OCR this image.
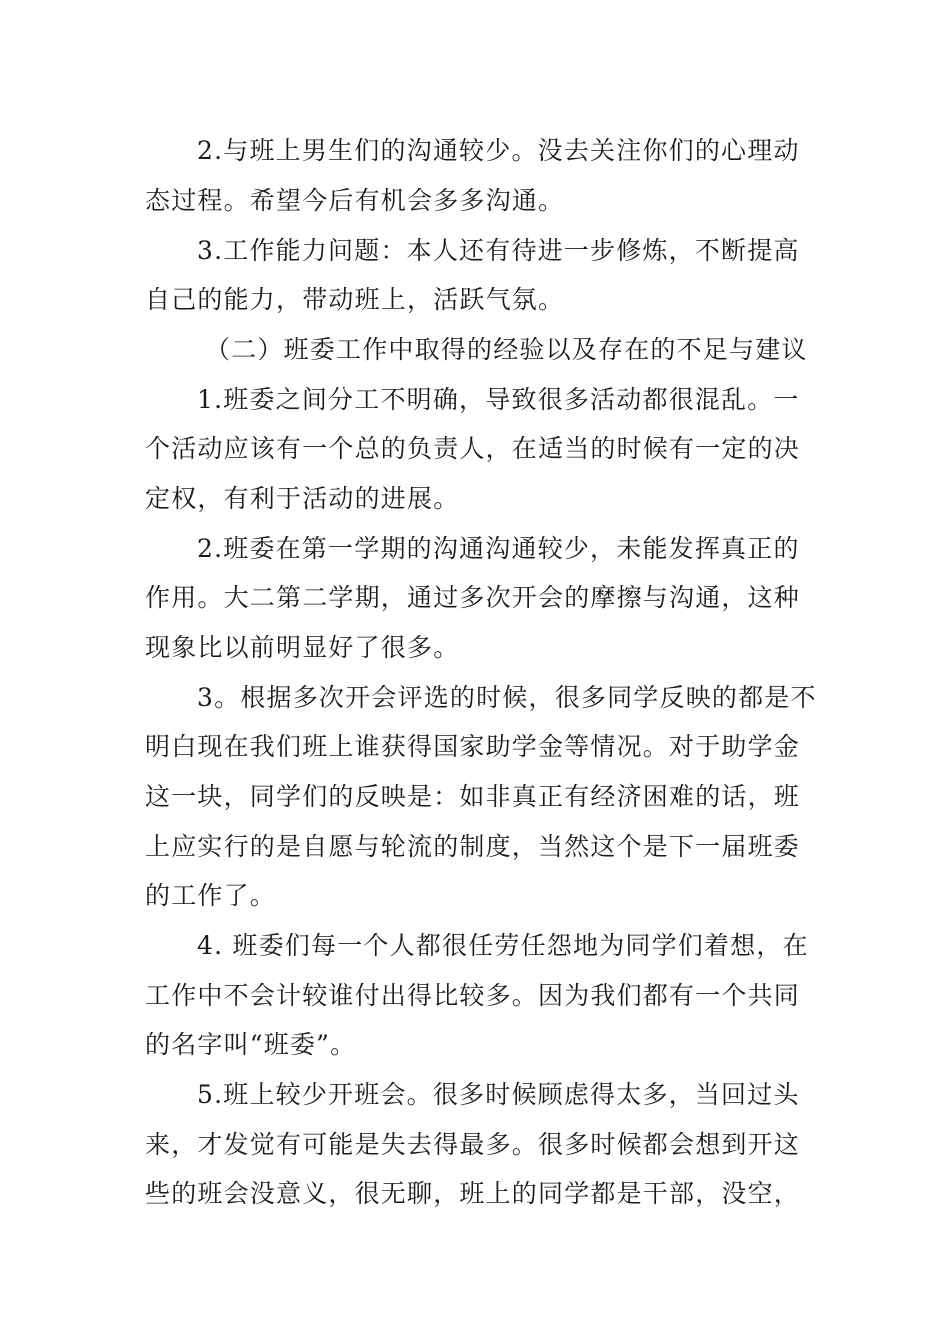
2.与班上男生们的沟通较少。没去关注你们的心理动
态过程。希望今后有机会多多沟通。
3.工作能力问题：本人还有待进一步修炼，不断提高
自己的能力，带动班上，活跃气氛。
（二）班委工作中取得的经验以及存在的不足与建议
1.班委之间分工不明确，导致很多活动都很混乱。一
个活动应该有一个总的负责人，在适当的时候有一定的决
定权，有利于活动的进展。
2.班委在第一学期的沟通沟通较少，未能发挥真正的
作用。大二第二学期，通过多次开会的摩擦与沟通，这种
现象比以前明显好了很多。
3。根据多次开会评选的时候，很多同学反映的都是不
明白现在我们班上谁获得国家助学金等情况。对于助学金
这一块，同学们的反映是：如非真正有经济困难的话，班
上应实行的是自愿与轮流的制度，当然这个是下一届班委
的工作了。
4. 班委们每一个人都很任劳任怨地为同学们着想，在
工作中不会计较谁付出得比较多。因为我们都有一个共同
的名字叫“班委”。
5.班上较少开班会。很多时候顾虑得太多，当回过头
来，才发觉有可能是失去得最多。很多时候都会想到开这
些的班会没意义，很无聊，班上的同学都是干部，没空，
